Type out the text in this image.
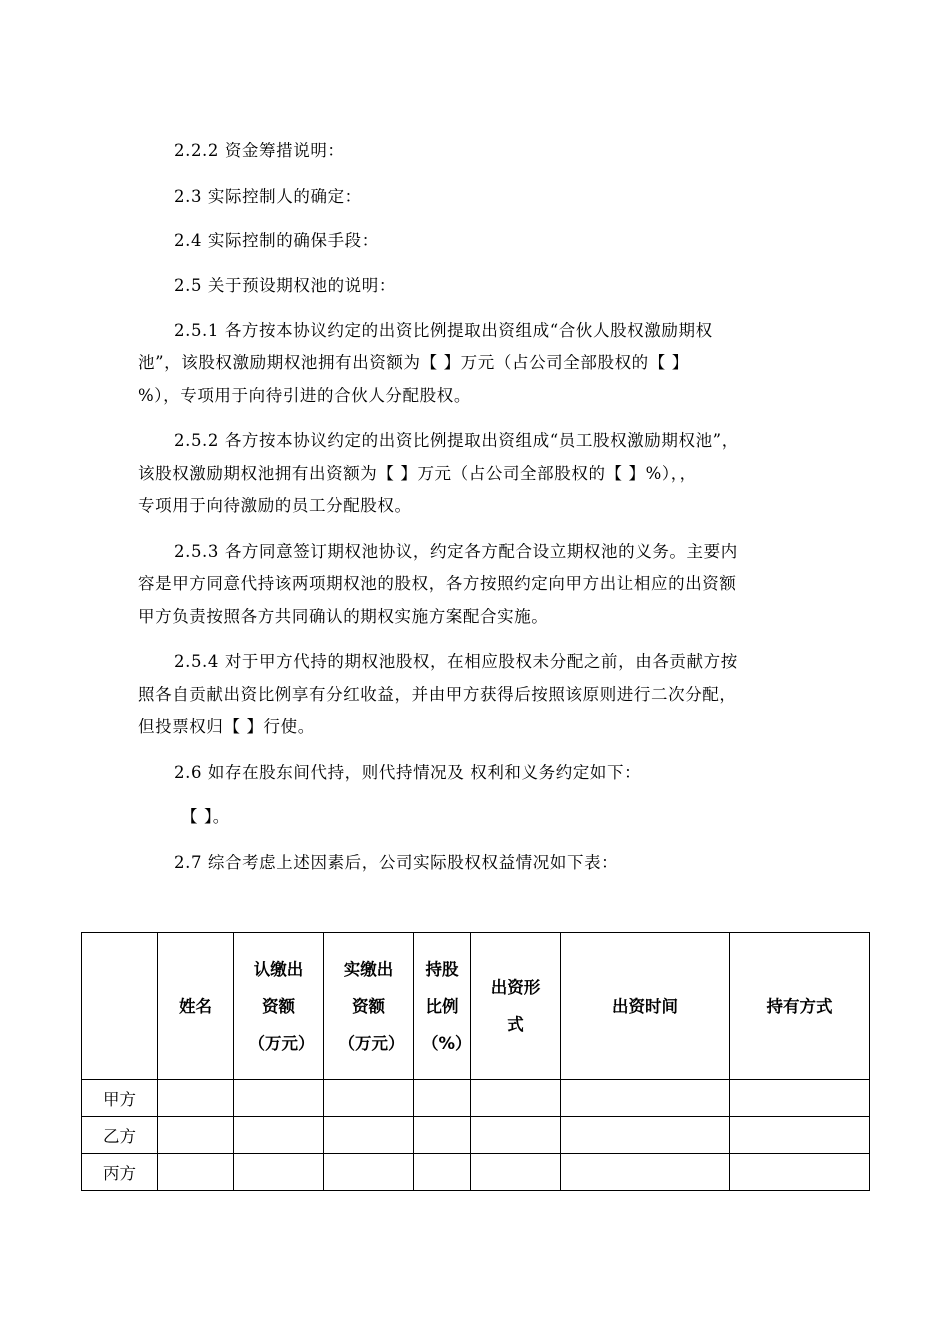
2.2.2 资金筹措说明：

2.3 实际控制人的确定：

2.4 实际控制的确保手段：

2.5 关于预设期权池的说明：

2.5.1 各方按本协议约定的出资比例提取出资组成“合伙人股权激励期权

池”，该股权激励期权池拥有出资额为【 】万元（占公司全部股权的【 】

%），专项用于向待引进的合伙人分配股权。

2.5.2 各方按本协议约定的出资比例提取出资组成“员工股权激励期权池”，

该股权激励期权池拥有出资额为【 】万元（占公司全部股权的【 】%），，

专项用于向待激励的员工分配股权。

2.5.3 各方同意签订期权池协议，约定各方配合设立期权池的义务。主要内

容是甲方同意代持该两项期权池的股权，各方按照约定向甲方出让相应的出资额

甲方负责按照各方共同确认的期权实施方案配合实施。

2.5.4 对于甲方代持的期权池股权，在相应股权未分配之前，由各贡献方按

照各自贡献出资比例享有分红收益，并由甲方获得后按照该原则进行二次分配，

但投票权归【 】行使。

2.6 如存在股东间代持，则代持情况及 权利和义务约定如下：

【 】。

2.7 综合考虑上述因素后，公司实际股权权益情况如下表：

	姓名	认缴出资额（万元）	实缴出资额（万元）	持股比例（%）	出资形式	出资时间	持有方式
甲方							
乙方							
丙方							
